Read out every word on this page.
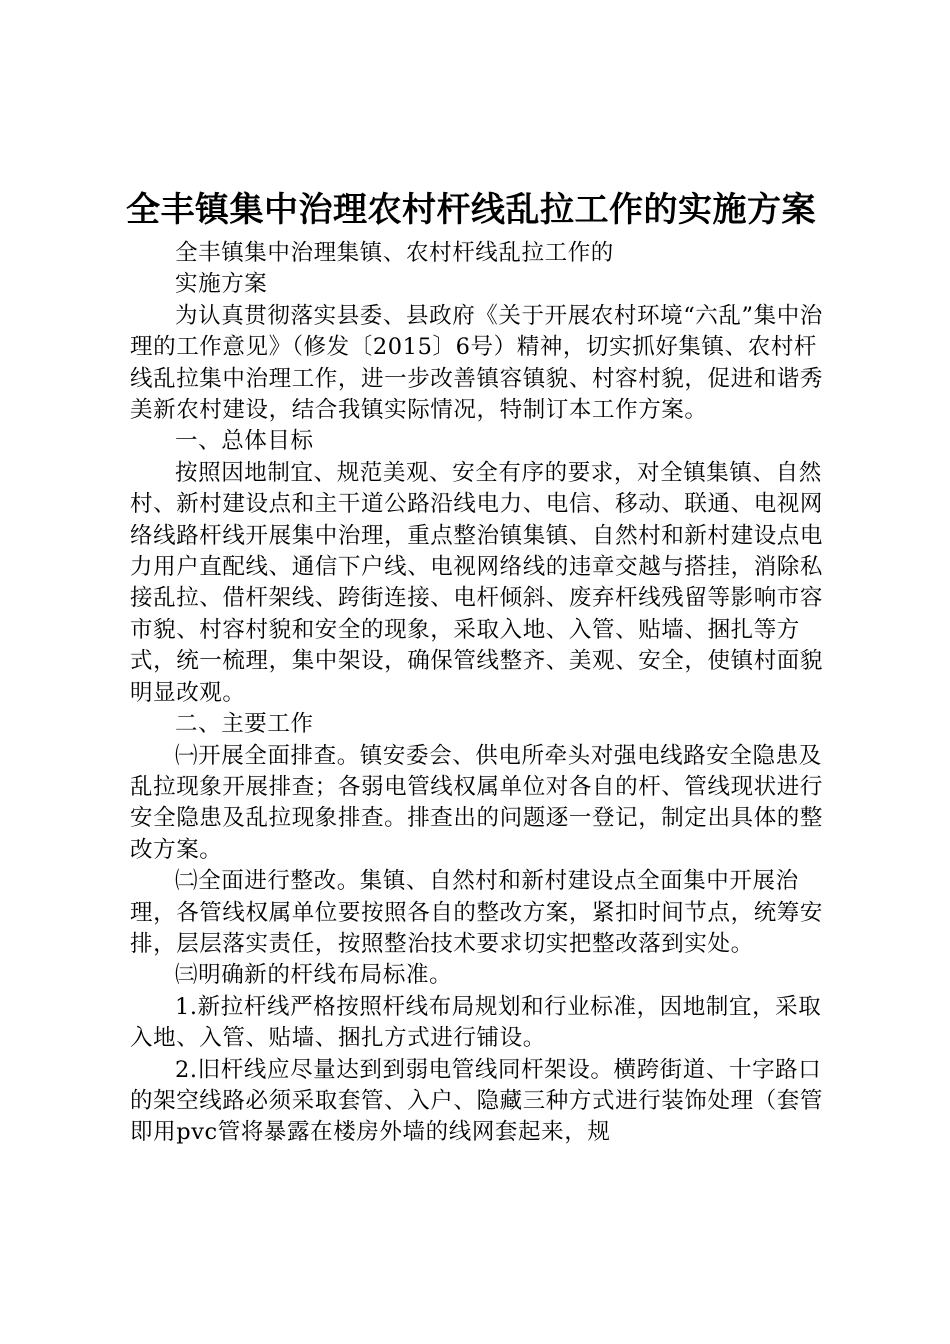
全丰镇集中治理农村杆线乱拉工作的实施方案

全丰镇集中治理集镇、农村杆线乱拉工作的

实施方案

为认真贯彻落实县委、县政府《关于开展农村环境“六乱”集中治理的工作意见》（修发〔2015〕6号）精神，切实抓好集镇、农村杆线乱拉集中治理工作，进一步改善镇容镇貌、村容村貌，促进和谐秀美新农村建设，结合我镇实际情况，特制订本工作方案。

一、总体目标

按照因地制宜、规范美观、安全有序的要求，对全镇集镇、自然村、新村建设点和主干道公路沿线电力、电信、移动、联通、电视网络线路杆线开展集中治理，重点整治镇集镇、自然村和新村建设点电力用户直配线、通信下户线、电视网络线的违章交越与搭挂，消除私接乱拉、借杆架线、跨街连接、电杆倾斜、废弃杆线残留等影响市容市貌、村容村貌和安全的现象，采取入地、入管、贴墙、捆扎等方式，统一梳理，集中架设，确保管线整齐、美观、安全，使镇村面貌明显改观。

二、主要工作

㈠开展全面排查。镇安委会、供电所牵头对强电线路安全隐患及乱拉现象开展排查；各弱电管线权属单位对各自的杆、管线现状进行安全隐患及乱拉现象排查。排查出的问题逐一登记，制定出具体的整改方案。

㈡全面进行整改。集镇、自然村和新村建设点全面集中开展治理，各管线权属单位要按照各自的整改方案，紧扣时间节点，统筹安排，层层落实责任，按照整治技术要求切实把整改落到实处。

㈢明确新的杆线布局标准。

1.新拉杆线严格按照杆线布局规划和行业标准，因地制宜，采取入地、入管、贴墙、捆扎方式进行铺设。

2.旧杆线应尽量达到到弱电管线同杆架设。横跨街道、十字路口的架空线路必须采取套管、入户、隐藏三种方式进行装饰处理（套管即用pvc管将暴露在楼房外墙的线网套起来，规
